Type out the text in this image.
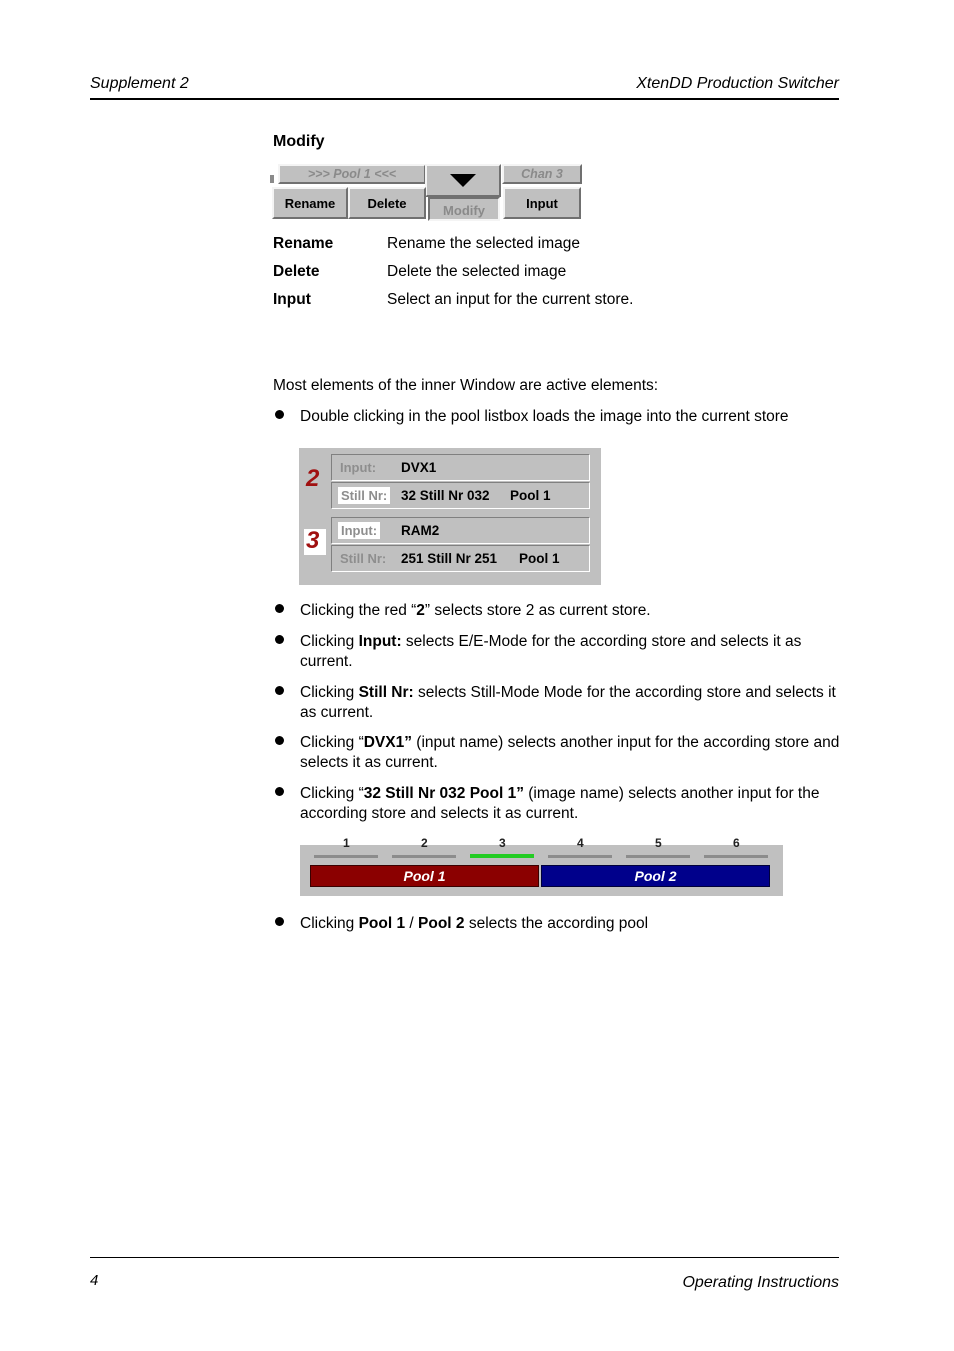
Supplement 2	XtenDD Production Switcher
Modify
>>> Pool 1 <<<	Chan 3
Rename	Delete	Modify	Input
Rename	Rename the selected image
Delete	Delete the selected image
Input	Select an input for the current store.
Most elements of the inner Window are active elements:
Double clicking in the pool listbox loads the image into the current store
2 Input: DVX1
Still Nr: 32 Still Nr 032 Pool 1
3 Input: RAM2
Still Nr: 251 Still Nr 251 Pool 1
Clicking the red “2” selects store 2 as current store.
Clicking Input: selects E/E‑Mode for the according store and selects it as current.
Clicking Still Nr: selects Still‑Mode Mode for the according store and selects it as current.
Clicking “DVX1” (input name) selects another input for the according store and selects it as current.
Clicking “32 Still Nr 032 Pool 1” (image name) selects another input for the according store and selects it as current.
1	2	3	4	5	6
Pool 1	Pool 2
Clicking Pool 1 / Pool 2 selects the according pool
4	Operating Instructions
